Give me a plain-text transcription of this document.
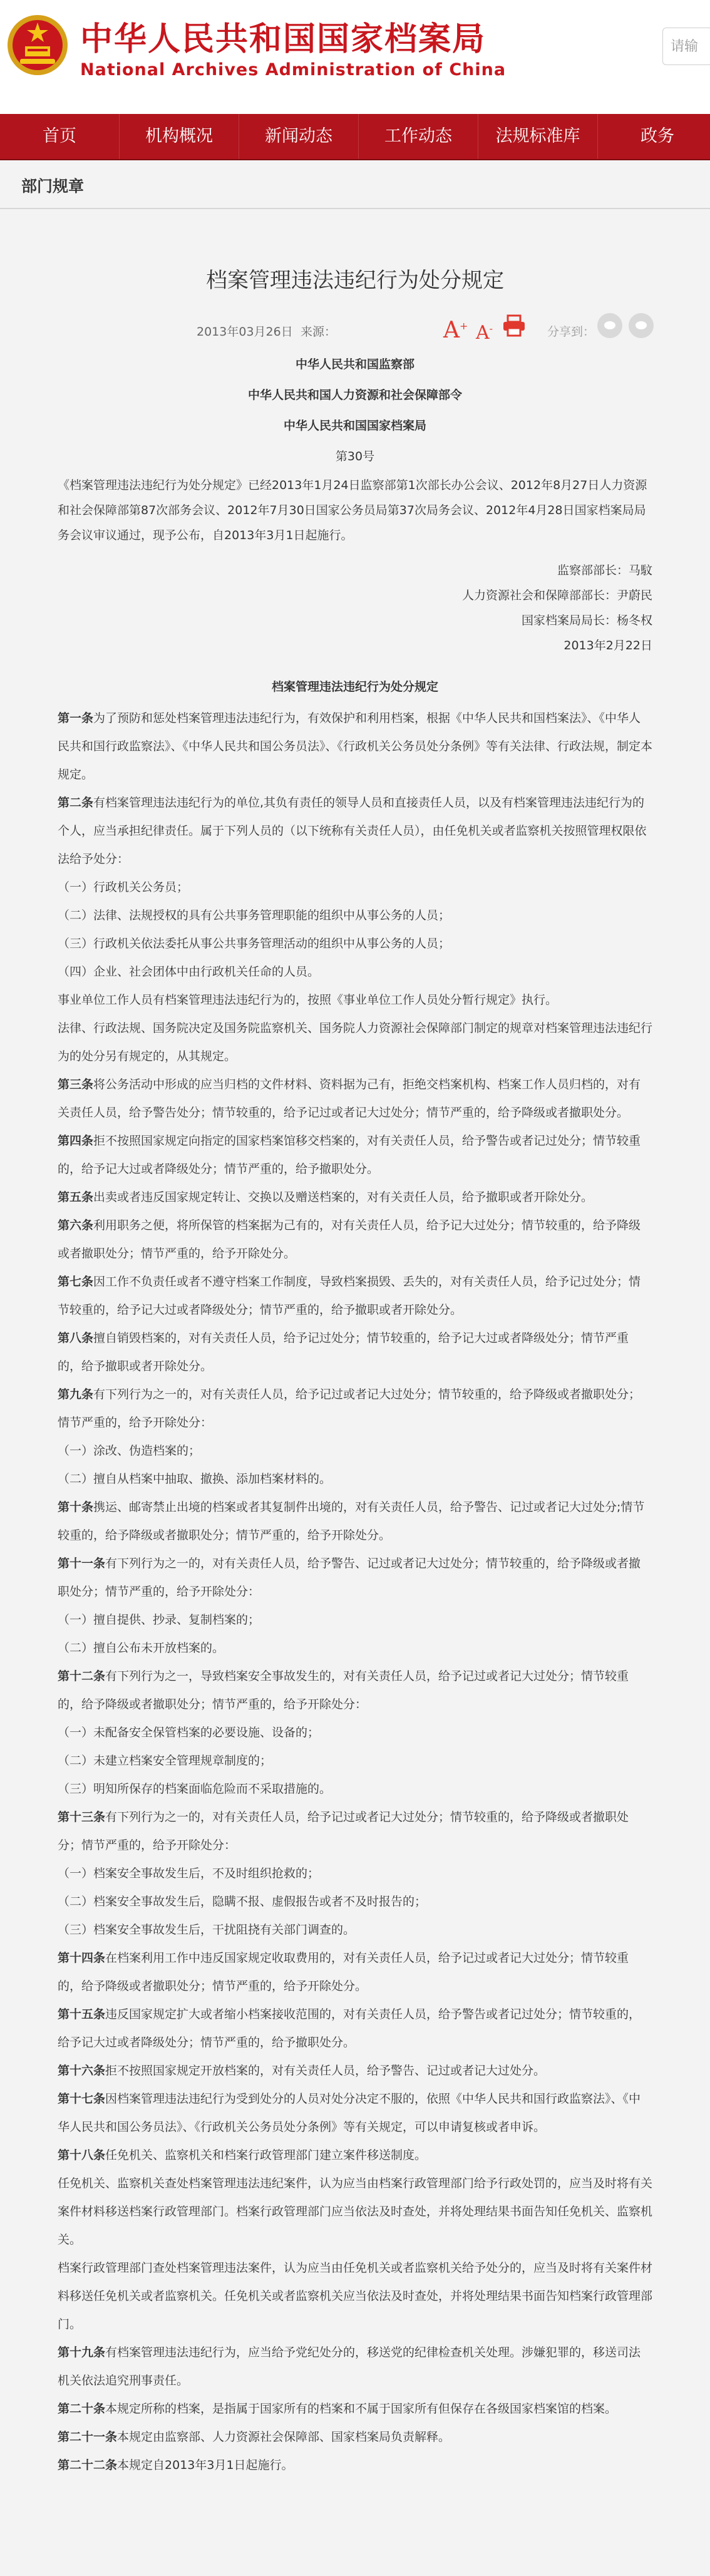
中华人民共和国国家档案局
National Archives Administration of China
请输
首页	机构概况	新闻动态	工作动态	法规标准库	政务
部门规章
档案管理违法违纪行为处分规定
2013年03月26日 来源：	A+ A-	分享到：
中华人民共和国监察部
中华人民共和国人力资源和社会保障部令
中华人民共和国国家档案局
第30号

《档案管理违法违纪行为处分规定》已经2013年1月24日监察部第1次部长办公会议、2012年8月27日人力资源和社会保障部第87次部务会议、2012年7月30日国家公务员局第37次局务会议、2012年4月28日国家档案局局务会议审议通过，现予公布，自2013年3月1日起施行。

监察部部长：马馼
人力资源社会和保障部部长：尹蔚民
国家档案局局长：杨冬权
2013年2月22日
档案管理违法违纪行为处分规定

第一条为了预防和惩处档案管理违法违纪行为，有效保护和利用档案，根据《中华人民共和国档案法》、《中华人民共和国行政监察法》、《中华人民共和国公务员法》、《行政机关公务员处分条例》等有关法律、行政法规，制定本规定。

第二条有档案管理违法违纪行为的单位,其负有责任的领导人员和直接责任人员，以及有档案管理违法违纪行为的个人，应当承担纪律责任。属于下列人员的（以下统称有关责任人员），由任免机关或者监察机关按照管理权限依法给予处分：

（一）行政机关公务员；

（二）法律、法规授权的具有公共事务管理职能的组织中从事公务的人员；

（三）行政机关依法委托从事公共事务管理活动的组织中从事公务的人员；

（四）企业、社会团体中由行政机关任命的人员。

事业单位工作人员有档案管理违法违纪行为的，按照《事业单位工作人员处分暂行规定》执行。

法律、行政法规、国务院决定及国务院监察机关、国务院人力资源社会保障部门制定的规章对档案管理违法违纪行为的处分另有规定的，从其规定。

第三条将公务活动中形成的应当归档的文件材料、资料据为己有，拒绝交档案机构、档案工作人员归档的，对有关责任人员，给予警告处分；情节较重的，给予记过或者记大过处分；情节严重的，给予降级或者撤职处分。

第四条拒不按照国家规定向指定的国家档案馆移交档案的，对有关责任人员，给予警告或者记过处分；情节较重的，给予记大过或者降级处分；情节严重的，给予撤职处分。

第五条出卖或者违反国家规定转让、交换以及赠送档案的，对有关责任人员，给予撤职或者开除处分。

第六条利用职务之便，将所保管的档案据为己有的，对有关责任人员，给予记大过处分；情节较重的，给予降级或者撤职处分；情节严重的，给予开除处分。

第七条因工作不负责任或者不遵守档案工作制度，导致档案损毁、丢失的，对有关责任人员，给予记过处分；情节较重的，给予记大过或者降级处分；情节严重的，给予撤职或者开除处分。

第八条擅自销毁档案的，对有关责任人员，给予记过处分；情节较重的，给予记大过或者降级处分；情节严重的，给予撤职或者开除处分。

第九条有下列行为之一的，对有关责任人员，给予记过或者记大过处分；情节较重的，给予降级或者撤职处分；情节严重的，给予开除处分：

（一）涂改、伪造档案的；

（二）擅自从档案中抽取、撤换、添加档案材料的。

第十条携运、邮寄禁止出境的档案或者其复制件出境的，对有关责任人员，给予警告、记过或者记大过处分;情节较重的，给予降级或者撤职处分；情节严重的，给予开除处分。

第十一条有下列行为之一的，对有关责任人员，给予警告、记过或者记大过处分；情节较重的，给予降级或者撤职处分；情节严重的，给予开除处分：

（一）擅自提供、抄录、复制档案的；

（二）擅自公布未开放档案的。

第十二条有下列行为之一，导致档案安全事故发生的，对有关责任人员，给予记过或者记大过处分；情节较重的，给予降级或者撤职处分；情节严重的，给予开除处分：

（一）未配备安全保管档案的必要设施、设备的；

（二）未建立档案安全管理规章制度的；

（三）明知所保存的档案面临危险而不采取措施的。

第十三条有下列行为之一的，对有关责任人员，给予记过或者记大过处分；情节较重的，给予降级或者撤职处分；情节严重的，给予开除处分：

（一）档案安全事故发生后，不及时组织抢救的；

（二）档案安全事故发生后，隐瞒不报、虚假报告或者不及时报告的；

（三）档案安全事故发生后，干扰阻挠有关部门调查的。

第十四条在档案利用工作中违反国家规定收取费用的，对有关责任人员，给予记过或者记大过处分；情节较重的，给予降级或者撤职处分；情节严重的，给予开除处分。

第十五条违反国家规定扩大或者缩小档案接收范围的，对有关责任人员，给予警告或者记过处分；情节较重的，给予记大过或者降级处分；情节严重的，给予撤职处分。

第十六条拒不按照国家规定开放档案的，对有关责任人员，给予警告、记过或者记大过处分。

第十七条因档案管理违法违纪行为受到处分的人员对处分决定不服的，依照《中华人民共和国行政监察法》、《中华人民共和国公务员法》、《行政机关公务员处分条例》等有关规定，可以申请复核或者申诉。

第十八条任免机关、监察机关和档案行政管理部门建立案件移送制度。

任免机关、监察机关查处档案管理违法违纪案件，认为应当由档案行政管理部门给予行政处罚的，应当及时将有关案件材料移送档案行政管理部门。档案行政管理部门应当依法及时查处，并将处理结果书面告知任免机关、监察机关。

档案行政管理部门查处档案管理违法案件，认为应当由任免机关或者监察机关给予处分的，应当及时将有关案件材料移送任免机关或者监察机关。任免机关或者监察机关应当依法及时查处，并将处理结果书面告知档案行政管理部门。

第十九条有档案管理违法违纪行为，应当给予党纪处分的，移送党的纪律检查机关处理。涉嫌犯罪的，移送司法机关依法追究刑事责任。

第二十条本规定所称的档案，是指属于国家所有的档案和不属于国家所有但保存在各级国家档案馆的档案。

第二十一条本规定由监察部、人力资源社会保障部、国家档案局负责解释。

第二十二条本规定自2013年3月1日起施行。
